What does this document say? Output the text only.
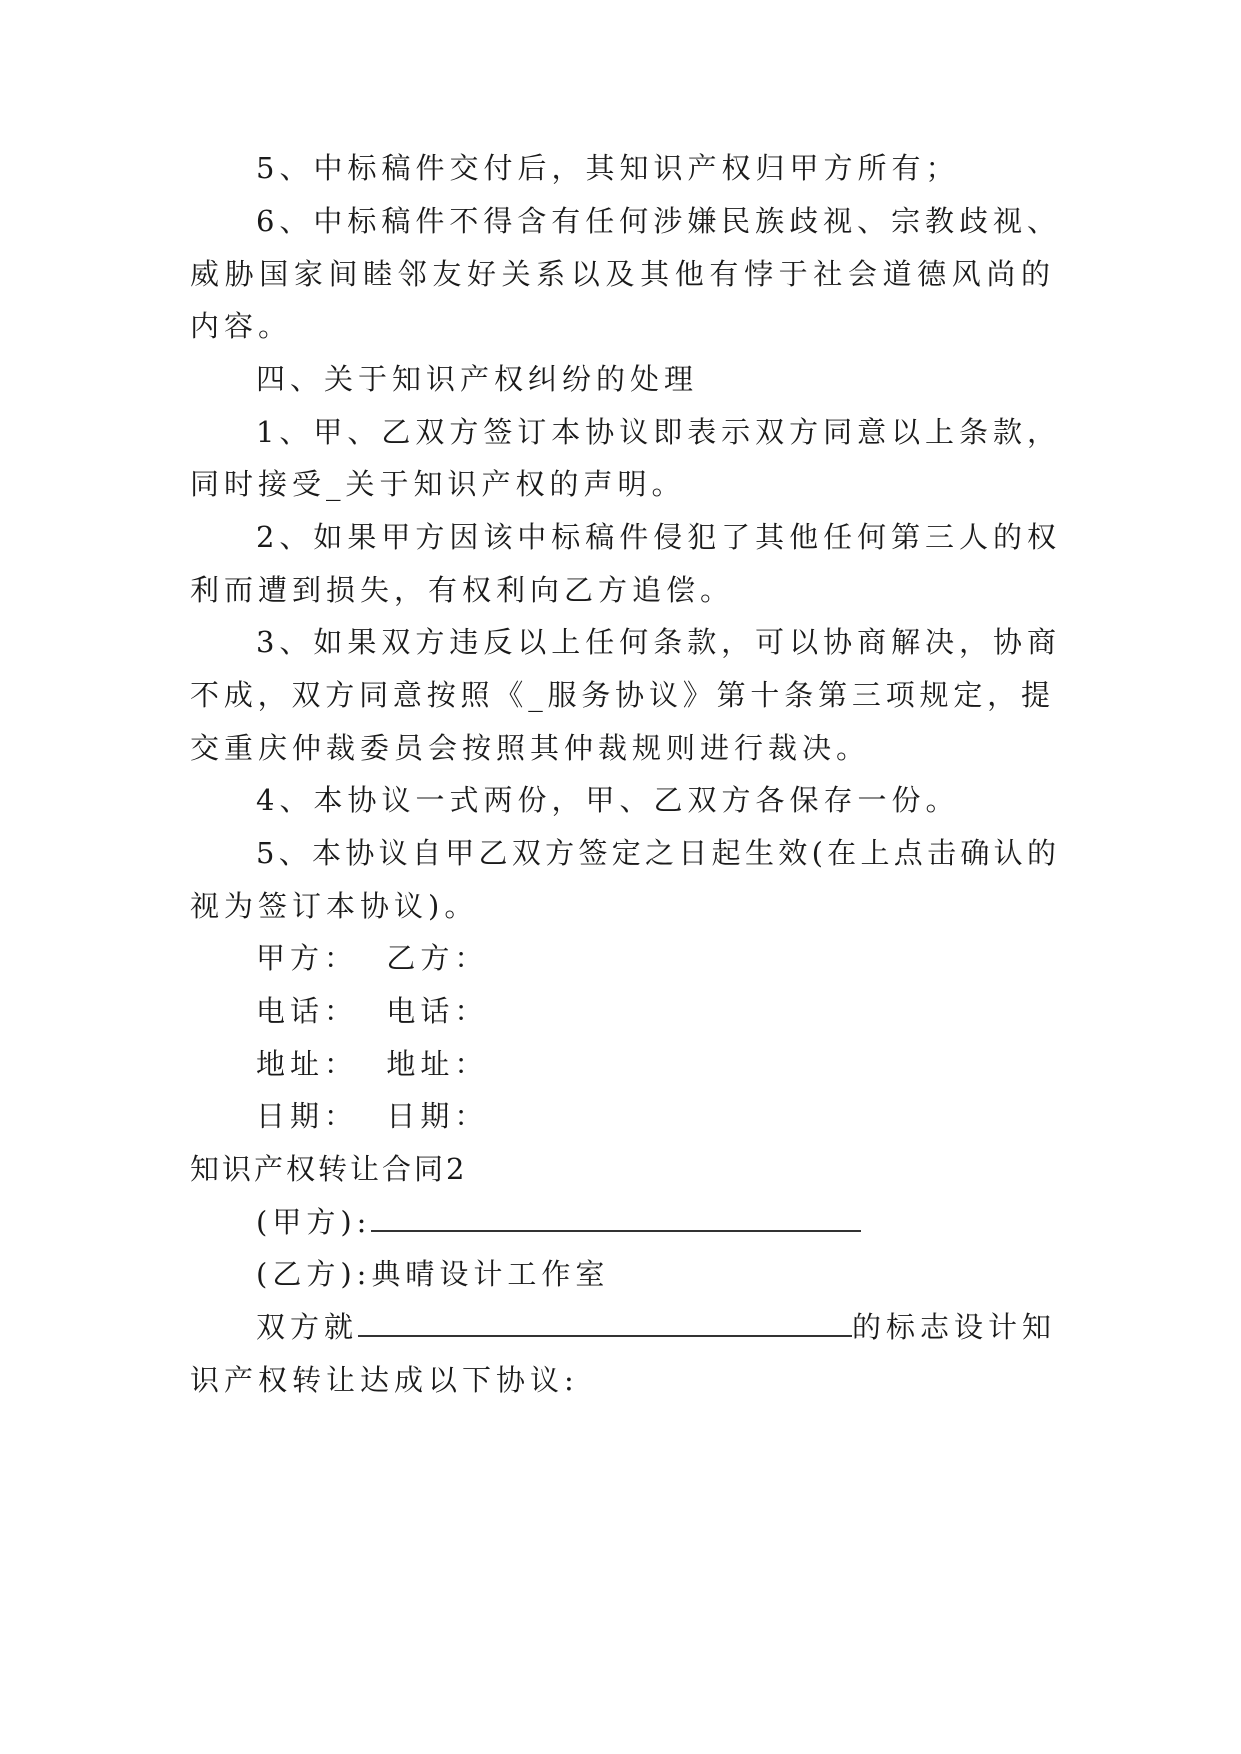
5、中标稿件交付后，其知识产权归甲方所有；
6、中标稿件不得含有任何涉嫌民族歧视、宗教歧视、
威胁国家间睦邻友好关系以及其他有悖于社会道德风尚的
内容。
四、关于知识产权纠纷的处理
1、甲、乙双方签订本协议即表示双方同意以上条款，
同时接受_关于知识产权的声明。
2、如果甲方因该中标稿件侵犯了其他任何第三人的权
利而遭到损失，有权利向乙方追偿。
3、如果双方违反以上任何条款，可以协商解决，协商
不成，双方同意按照《_服务协议》第十条第三项规定，提
交重庆仲裁委员会按照其仲裁规则进行裁决。
4、本协议一式两份，甲、乙双方各保存一份。
5、本协议自甲乙双方签定之日起生效(在上点击确认的
视为签订本协议)。
甲方：  乙方：
电话：  电话：
地址：  地址：
日期：  日期：
知识产权转让合同2
(甲方):
(乙方):典晴设计工作室
双方就	的标志设计知
识产权转让达成以下协议:
